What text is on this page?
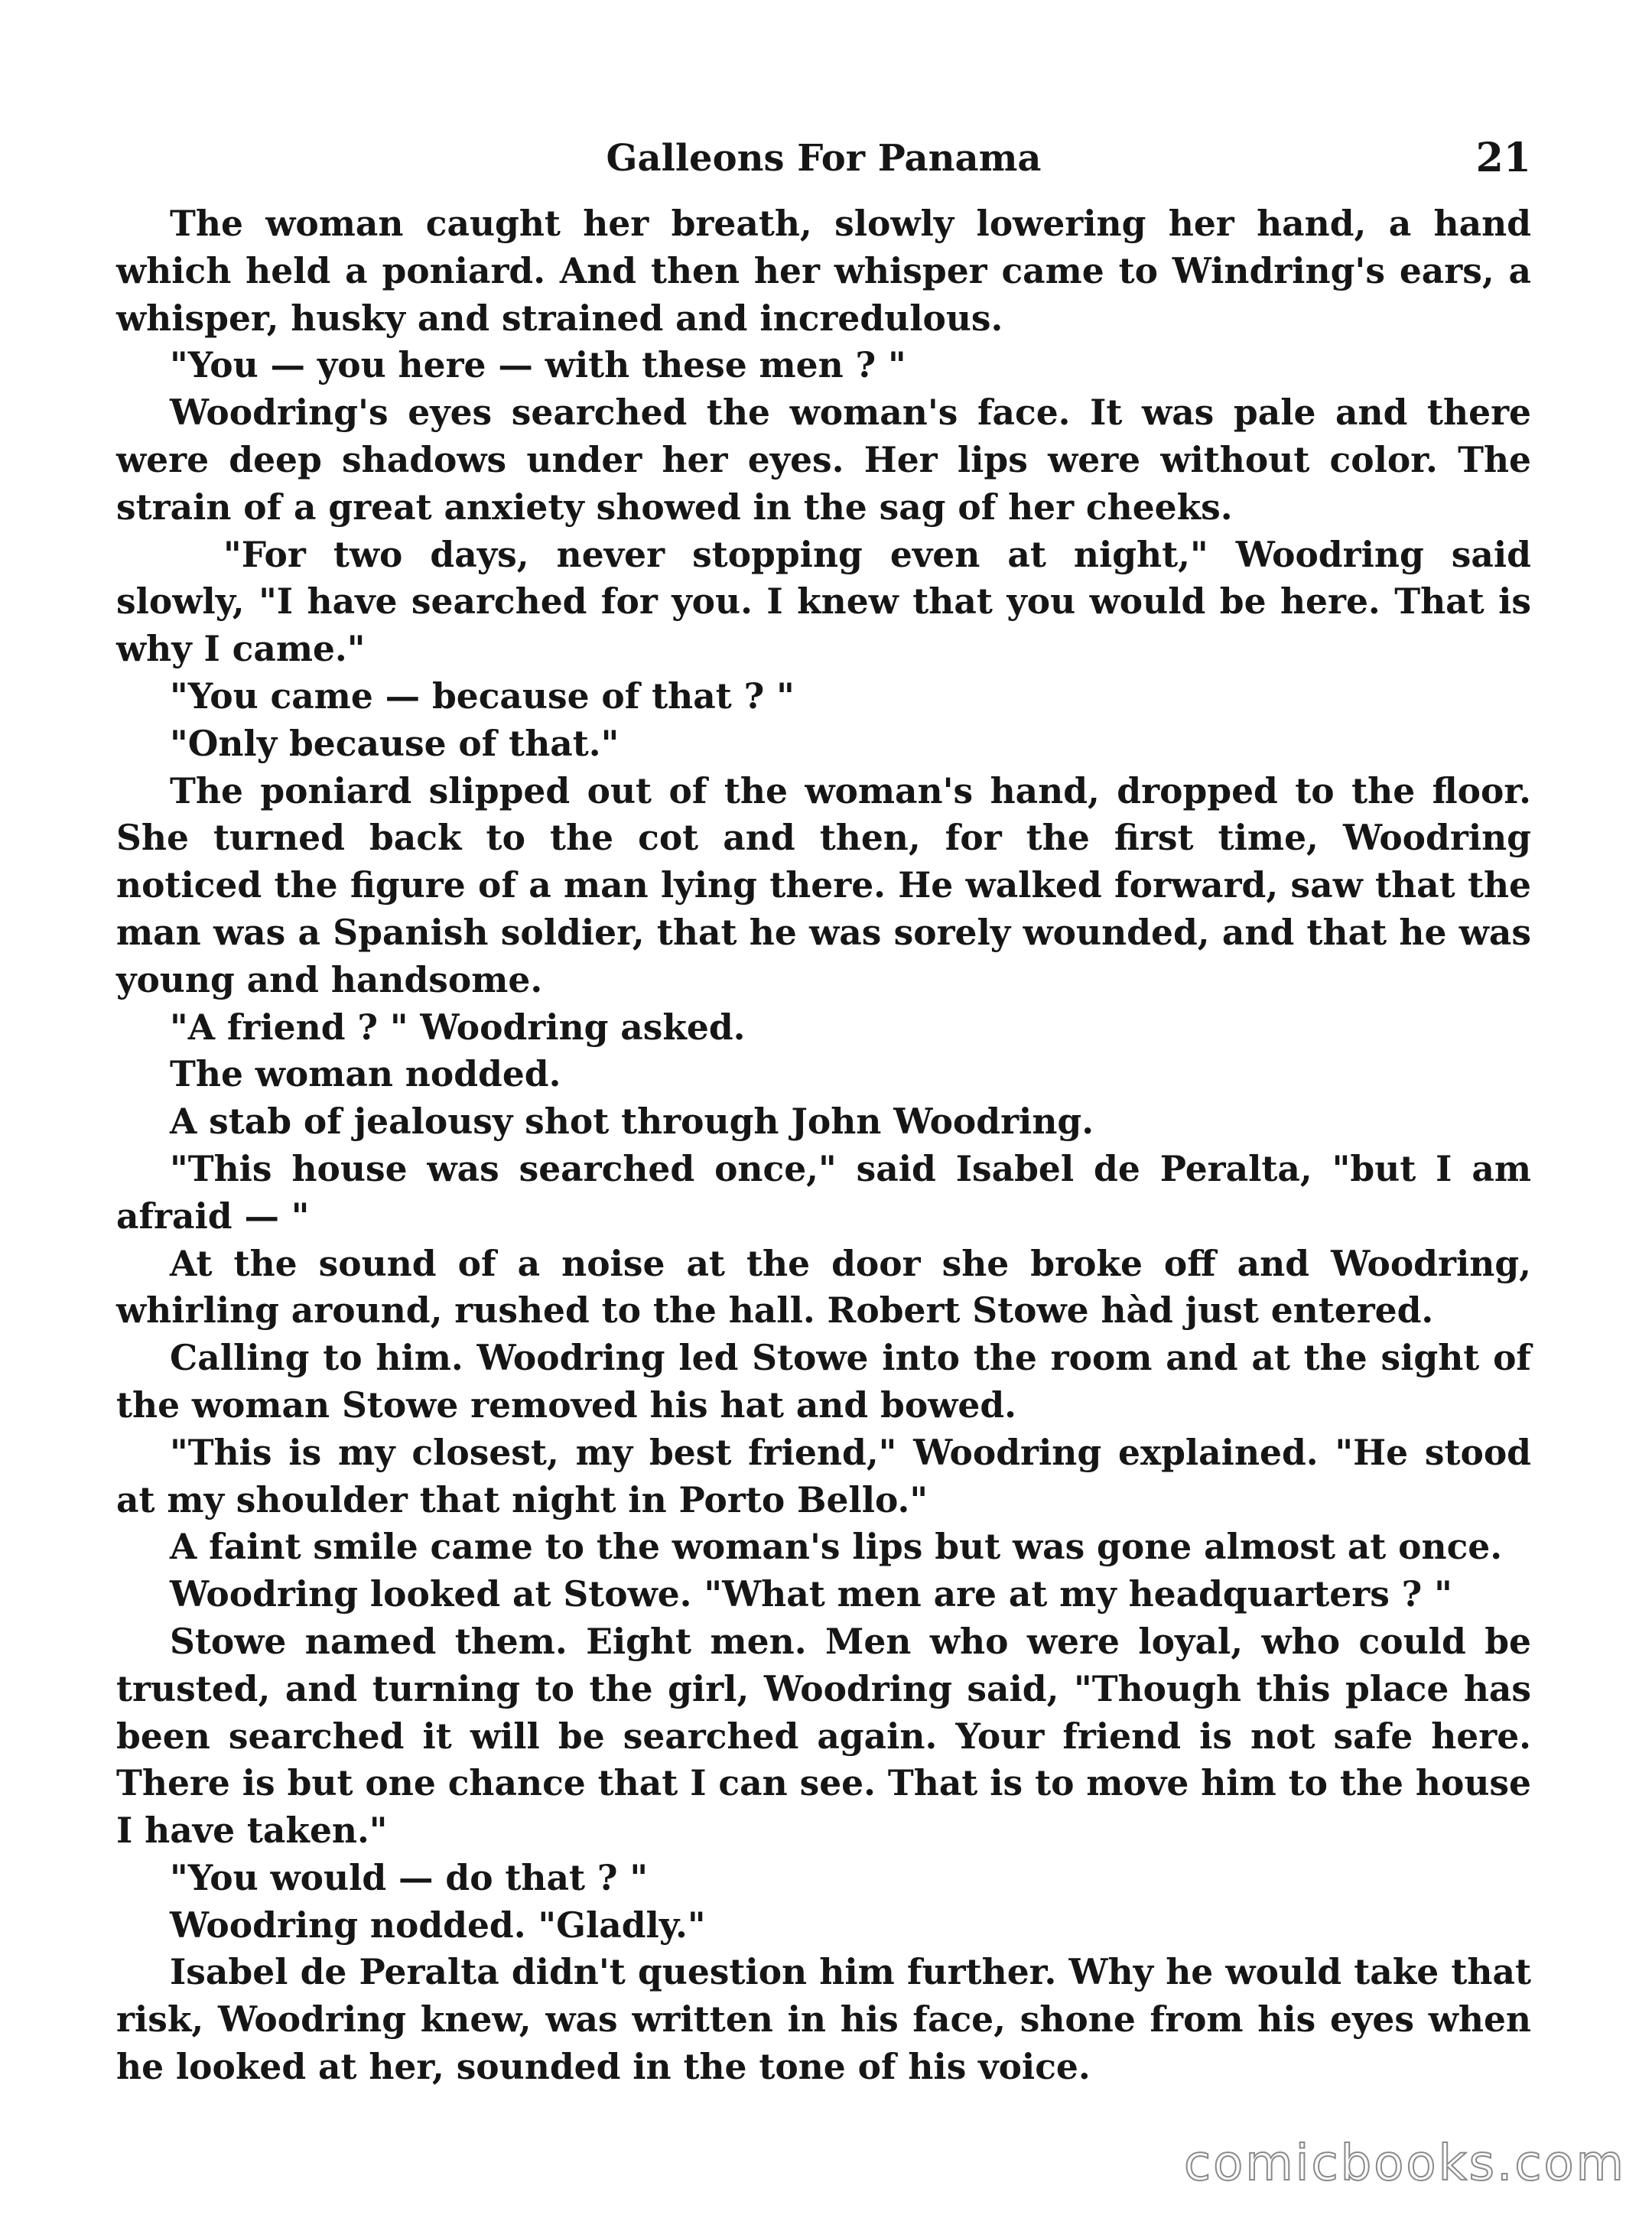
Galleons For Panama	21

The woman caught her breath, slowly lowering her hand, a hand which held a poniard. And then her whisper came to Windring's ears, a whisper, husky and strained and incredulous.

"You — you here — with these men ? "

Woodring's eyes searched the woman's face. It was pale and there were deep shadows under her eyes. Her lips were without color. The strain of a great anxiety showed in the sag of her cheeks.

"For two days, never stopping even at night," Woodring said slowly, "I have searched for you. I knew that you would be here. That is why I came."

"You came — because of that ? "

"Only because of that."

The poniard slipped out of the woman's hand, dropped to the floor. She turned back to the cot and then, for the first time, Woodring noticed the figure of a man lying there. He walked forward, saw that the man was a Spanish soldier, that he was sorely wounded, and that he was young and handsome.

"A friend ? " Woodring asked.

The woman nodded.

A stab of jealousy shot through John Woodring.

"This house was searched once," said Isabel de Peralta, "but I am afraid — "

At the sound of a noise at the door she broke off and Woodring, whirling around, rushed to the hall. Robert Stowe hàd just entered.

Calling to him. Woodring led Stowe into the room and at the sight of the woman Stowe removed his hat and bowed.

"This is my closest, my best friend," Woodring explained. "He stood at my shoulder that night in Porto Bello."

A faint smile came to the woman's lips but was gone almost at once.

Woodring looked at Stowe. "What men are at my headquarters ? "

Stowe named them. Eight men. Men who were loyal, who could be trusted, and turning to the girl, Woodring said, "Though this place has been searched it will be searched again. Your friend is not safe here. There is but one chance that I can see. That is to move him to the house I have taken."

"You would — do that ? "

Woodring nodded. "Gladly."

Isabel de Peralta didn't question him further. Why he would take that risk, Woodring knew, was written in his face, shone from his eyes when he looked at her, sounded in the tone of his voice.

comicbooks.com
